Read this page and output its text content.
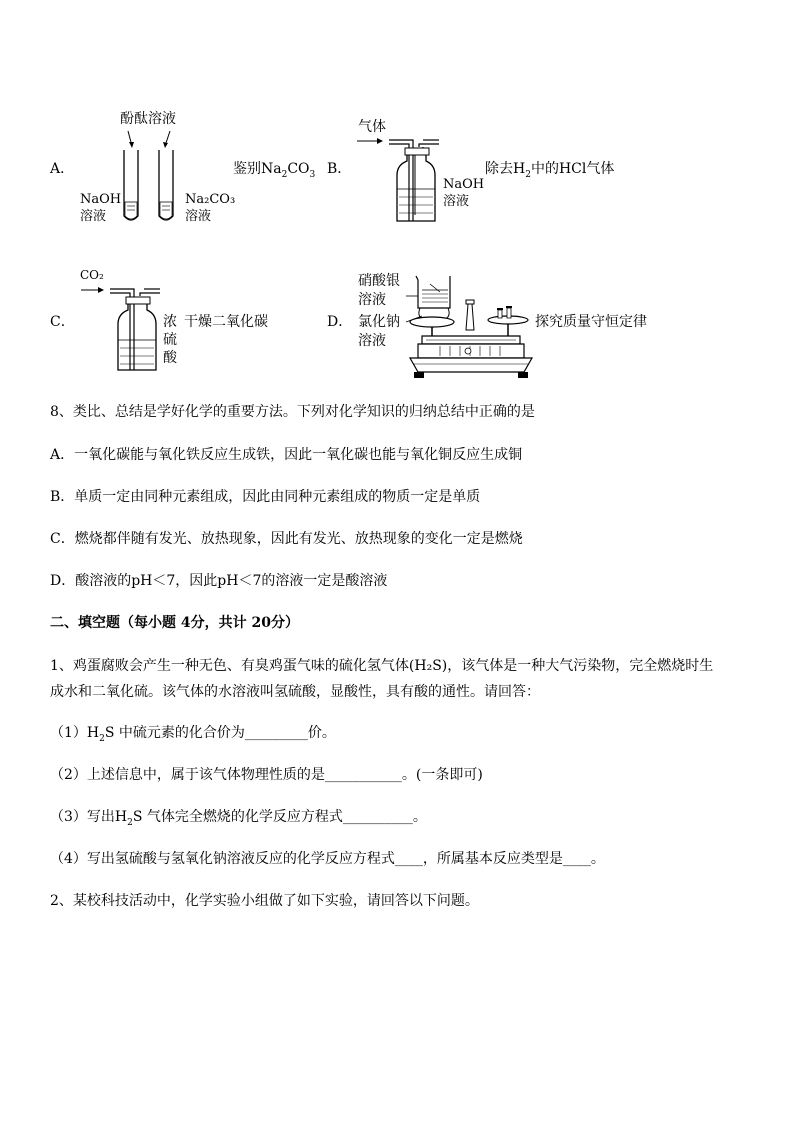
A．
酚酞溶液
NaOH
溶液
Na₂CO₃
溶液
鉴别$Na_2CO_3$ B．
气体
NaOH
溶液
除去$H_2$中的HCl气体
C．
CO₂
浓
硫
酸
干燥二氧化碳	D．
硝酸银
溶液
氯化钠
溶液
探究质量守恒定律
8、类比、总结是学好化学的重要方法。下列对化学知识的归纳总结中正确的是
A．一氧化碳能与氧化铁反应生成铁，因此一氧化碳也能与氧化铜反应生成铜
B．单质一定由同种元素组成，因此由同种元素组成的物质一定是单质
C．燃烧都伴随有发光、放热现象，因此有发光、放热现象的变化一定是燃烧
D．酸溶液的pH＜7，因此pH＜7的溶液一定是酸溶液
二、填空题（每小题 4分，共计 20分）
1、鸡蛋腐败会产生一种无色、有臭鸡蛋气味的硫化氢气体(H₂S)，该气体是一种大气污染物，完全燃烧时生
成水和二氧化硫。该气体的水溶液叫氢硫酸，显酸性，具有酸的通性。请回答：
$(1)H_2S$ 中硫元素的化合价为_________价。
（2）上述信息中，属于该气体物理性质的是___________。(一条即可)
（3）写出$H_2S$ 气体完全燃烧的化学反应方程式__________。
（4）写出氢硫酸与氢氧化钠溶液反应的化学反应方程式____，所属基本反应类型是____。
2、某校科技活动中，化学实验小组做了如下实验，请回答以下问题。
